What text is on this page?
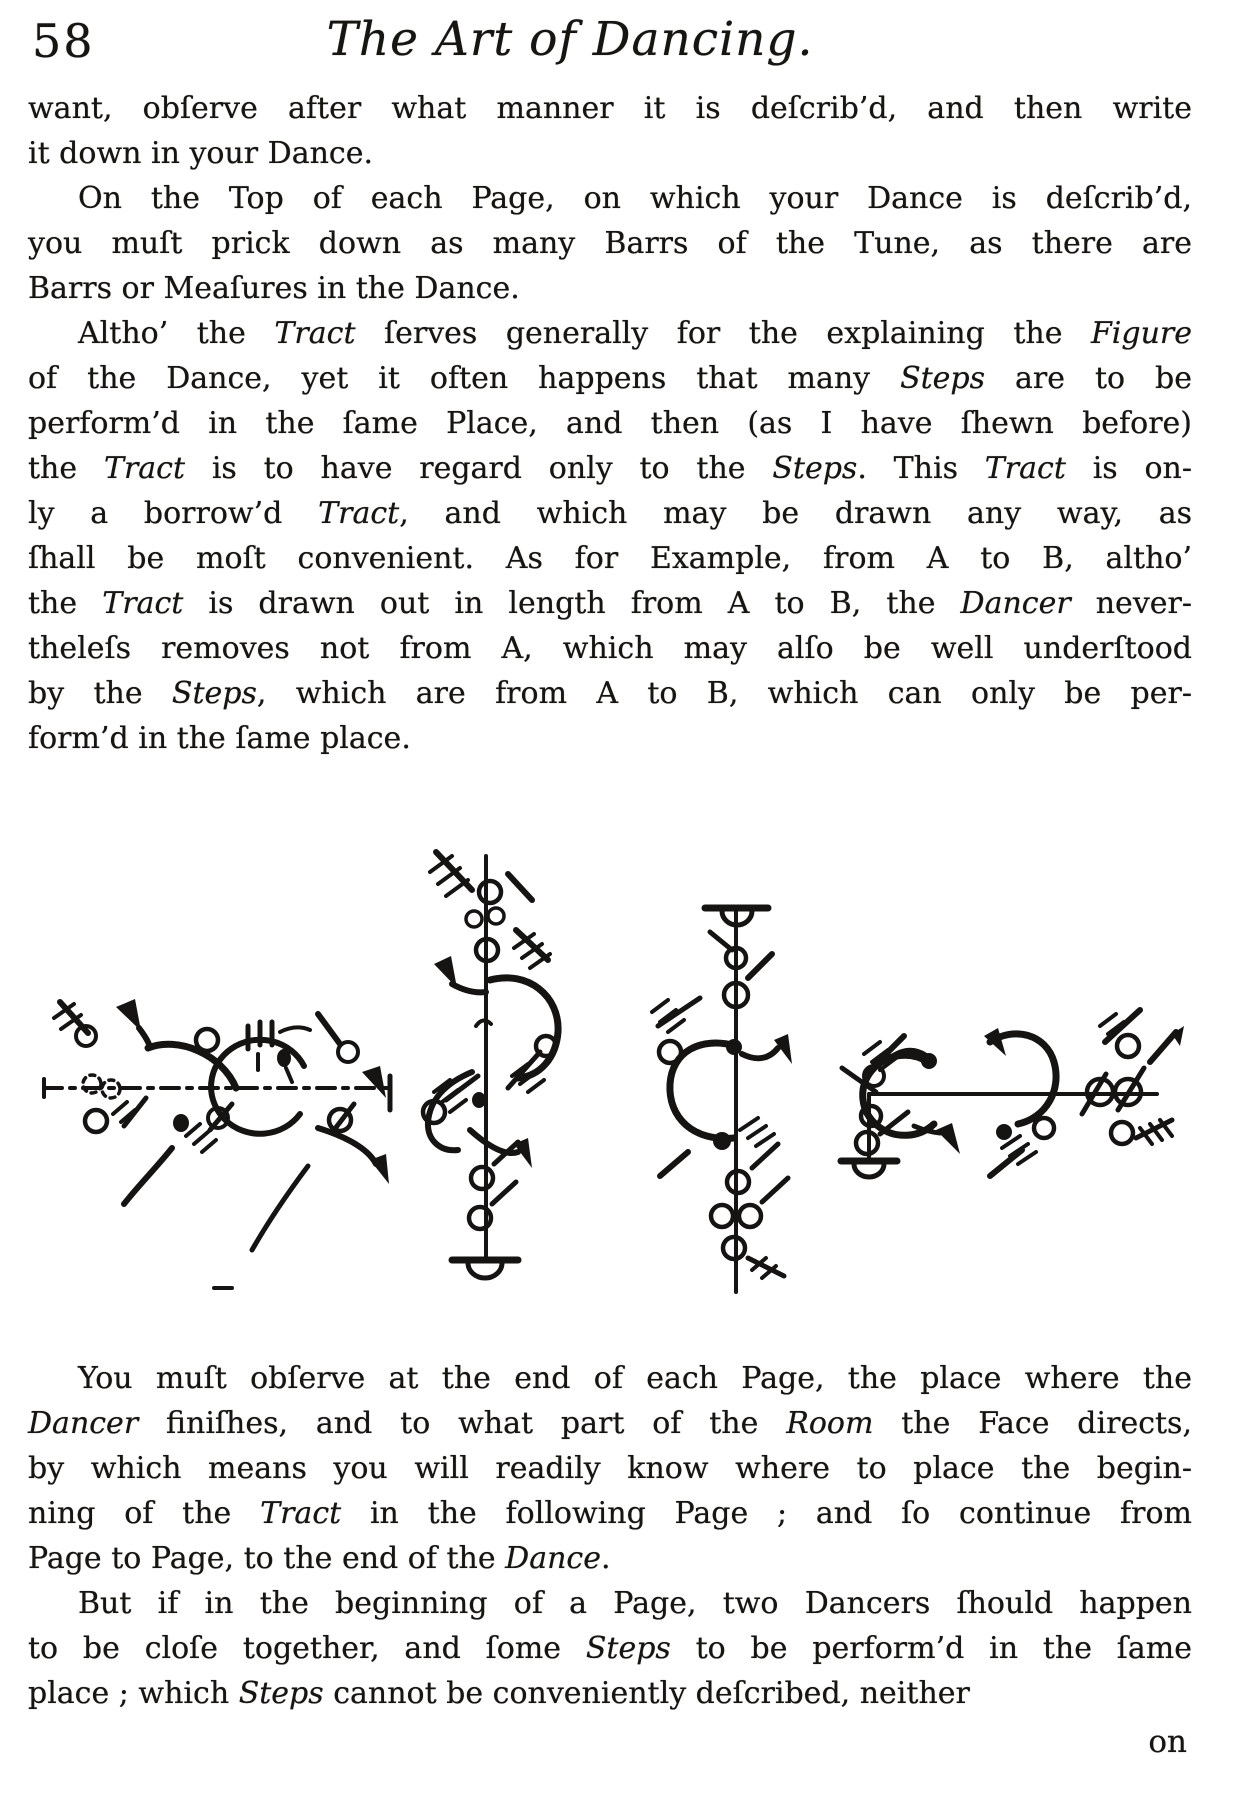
58	The Art of Dancing.
want, obſerve after what manner it is deſcrib’d, and then write
it down in your Dance.
On the Top of each Page, on which your Dance is deſcrib’d,
you muſt prick down as many Barrs of the Tune, as there are
Barrs or Meaſures in the Dance.
Altho’ the Tract ſerves generally for the explaining the Figure
of the Dance, yet it often happens that many Steps are to be
perform’d in the ſame Place, and then (as I have ſhewn before)
the Tract is to have regard only to the Steps. This Tract is on-
ly a borrow’d Tract, and which may be drawn any way, as
ſhall be moſt convenient. As for Example, from A to B, altho’
the Tract is drawn out in length from A to B, the Dancer never-
theleſs removes not from A, which may alſo be well underſtood
by the Steps, which are from A to B, which can only be per-
form’d in the ſame place.
You muſt obſerve at the end of each Page, the place where the
Dancer finiſhes, and to what part of the Room the Face directs,
by which means you will readily know where to place the begin-
ning of the Tract in the following Page ; and ſo continue from
Page to Page, to the end of the Dance.
But if in the beginning of a Page, two Dancers ſhould happen
to be cloſe together, and ſome Steps to be perform’d in the ſame
place ; which Steps cannot be conveniently deſcribed, neither
on
